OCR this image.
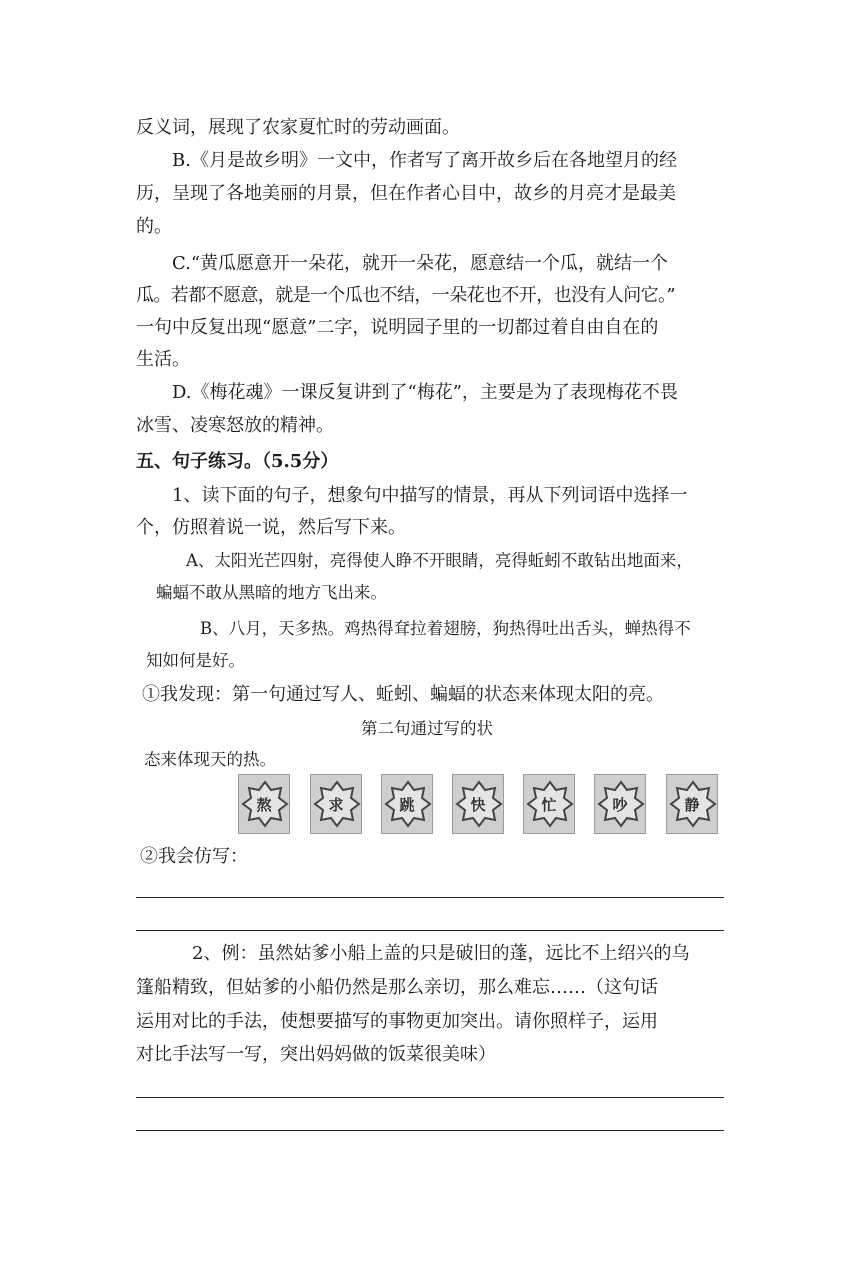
反义词，展现了农家夏忙时的劳动画面。
B.《月是故乡明》一文中，作者写了离开故乡后在各地望月的经
历，呈现了各地美丽的月景，但在作者心目中，故乡的月亮才是最美
的。
C.“黄瓜愿意开一朵花，就开一朵花，愿意结一个瓜，就结一个
瓜。若都不愿意，就是一个瓜也不结，一朵花也不开，也没有人问它。”
一句中反复出现“愿意”二字，说明园子里的一切都过着自由自在的
生活。
D.《梅花魂》一课反复讲到了“梅花”，主要是为了表现梅花不畏
冰雪、凌寒怒放的精神。
五、句子练习。（5.5分）
1、读下面的句子，想象句中描写的情景，再从下列词语中选择一
个，仿照着说一说，然后写下来。
A、太阳光芒四射，亮得使人睁不开眼睛，亮得蚯蚓不敢钻出地面来，
蝙蝠不敢从黑暗的地方飞出来。
B、八月，天多热。鸡热得耷拉着翅膀，狗热得吐出舌头，蝉热得不
知如何是好。
①我发现：第一句通过写人、蚯蚓、蝙蝠的状态来体现太阳的亮。
第二句通过写的状
态来体现天的热。
熬	求	跳	快	忙	吵	静
②我会仿写：
2、例：虽然姑爹小船上盖的只是破旧的蓬，远比不上绍兴的乌
篷船精致，但姑爹的小船仍然是那么亲切，那么难忘……（这句话
运用对比的手法，使想要描写的事物更加突出。请你照样子，运用
对比手法写一写，突出妈妈做的饭菜很美味）
